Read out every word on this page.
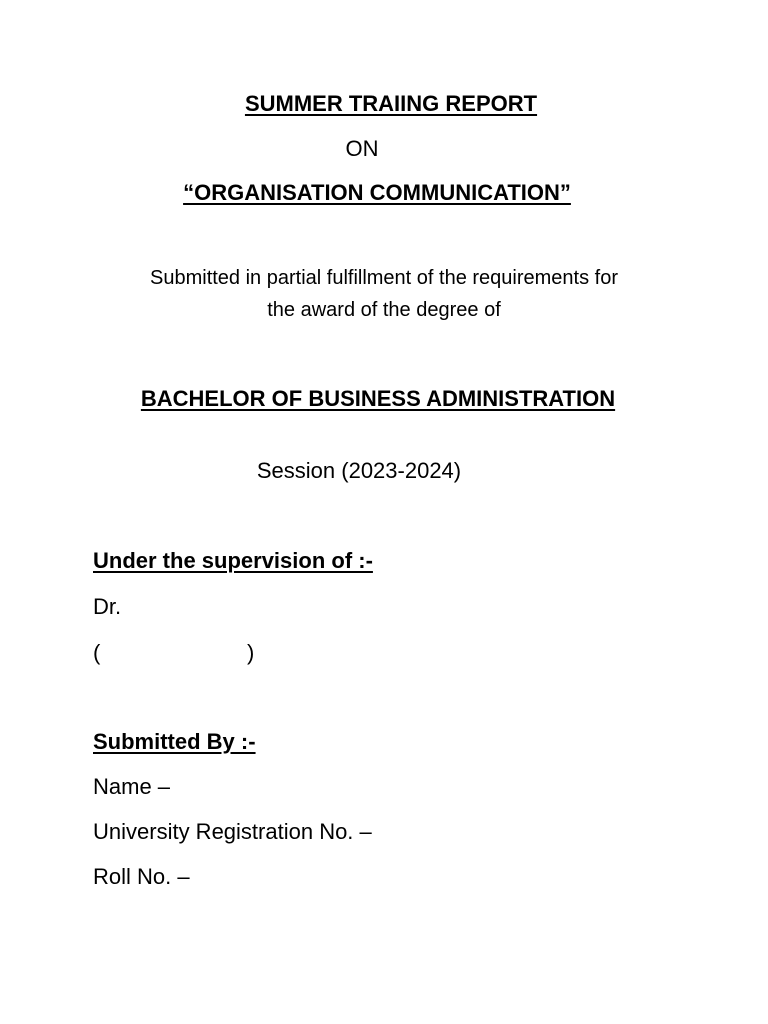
SUMMER TRAIING REPORT
ON
“ORGANISATION COMMUNICATION”
Submitted in partial fulfillment of the requirements for
the award of the degree of
BACHELOR OF BUSINESS ADMINISTRATION
Session (2023-2024)
Under the supervision of :-
Dr.
(                        )
Submitted By :-
Name –
University Registration No. –
Roll No. –
